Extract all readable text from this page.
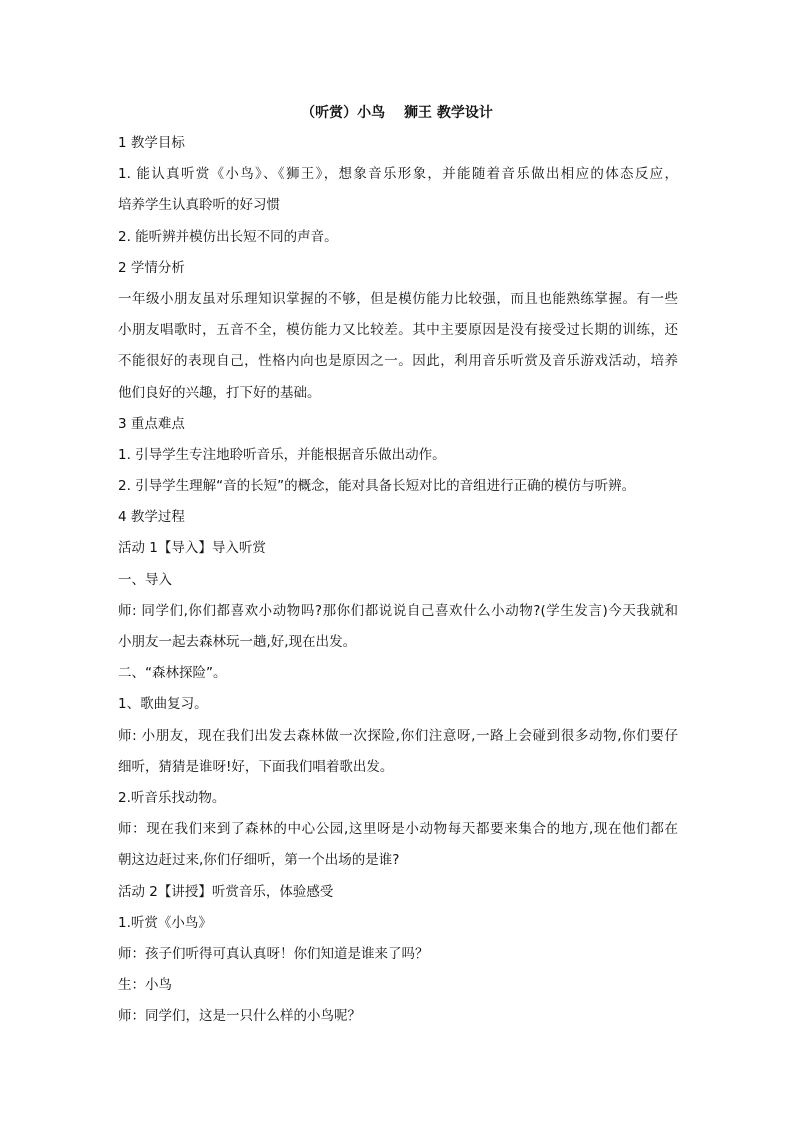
（听赏）小鸟　 狮王 教学设计

1 教学目标

1. 能认真听赏《小鸟》、《狮王》，想象音乐形象，并能随着音乐做出相应的体态反应，

培养学生认真聆听的好习惯

2. 能听辨并模仿出长短不同的声音。

2 学情分析

一年级小朋友虽对乐理知识掌握的不够，但是模仿能力比较强，而且也能熟练掌握。有一些

小朋友唱歌时，五音不全，模仿能力又比较差。其中主要原因是没有接受过长期的训练，还

不能很好的表现自己，性格内向也是原因之一。因此，利用音乐听赏及音乐游戏活动，培养

他们良好的兴趣，打下好的基础。

3 重点难点

1. 引导学生专注地聆听音乐，并能根据音乐做出动作。

2. 引导学生理解“音的长短”的概念，能对具备长短对比的音组进行正确的模仿与听辨。

4 教学过程

活动 1【导入】导入听赏

一、导入

师: 同学们,你们都喜欢小动物吗?那你们都说说自己喜欢什么小动物?(学生发言)今天我就和

小朋友一起去森林玩一趟,好,现在出发。

二、“森林探险”。

1、歌曲复习。

师: 小朋友，现在我们出发去森林做一次探险,你们注意呀,一路上会碰到很多动物,你们要仔

细听，猜猜是谁呀!好，下面我们唱着歌出发。

2.听音乐找动物。

师：现在我们来到了森林的中心公园,这里呀是小动物每天都要来集合的地方,现在他们都在

朝这边赶过来,你们仔细听，第一个出场的是谁?

活动 2【讲授】听赏音乐，体验感受

1.听赏《小鸟》

师：孩子们听得可真认真呀！你们知道是谁来了吗？

生：小鸟

师：同学们，这是一只什么样的小鸟呢？
